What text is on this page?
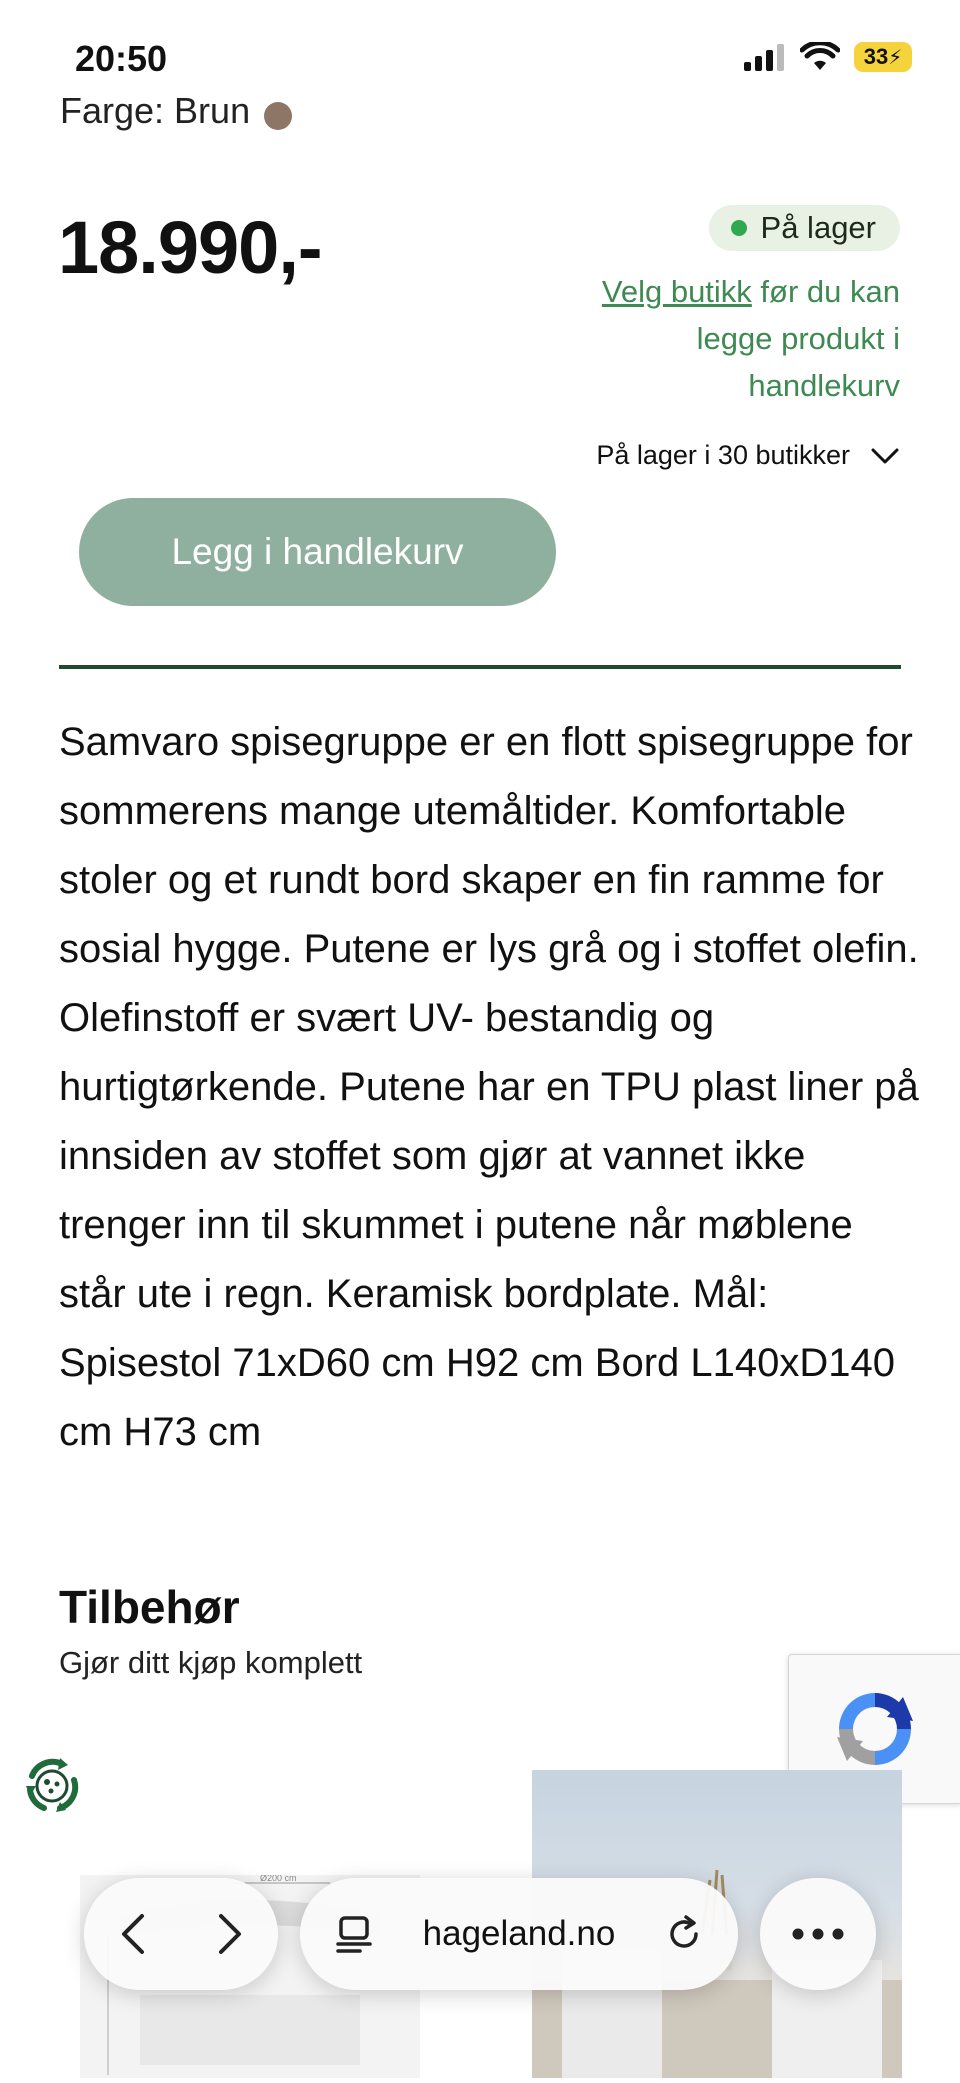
20:50	33 ⚡
Farge: Brun
18.990,-	På lager
Velg butikk før du kan legge produkt i handlekurv
På lager i 30 butikker
Legg i handlekurv
Samvaro spisegruppe er en flott spisegruppe for sommerens mange utemåltider. Komfortable stoler og et rundt bord skaper en fin ramme for sosial hygge. Putene er lys grå og i stoffet olefin. Olefinstoff er svært UV- bestandig og hurtigtørkende. Putene har en TPU plast liner på innsiden av stoffet som gjør at vannet ikke trenger inn til skummet i putene når møblene står ute i regn. Keramisk bordplate. Mål: Spisestol 71xD60 cm H92 cm Bord L140xD140 cm H73 cm
Tilbehør
Gjør ditt kjøp komplett
Ø200 cm
hageland.no
